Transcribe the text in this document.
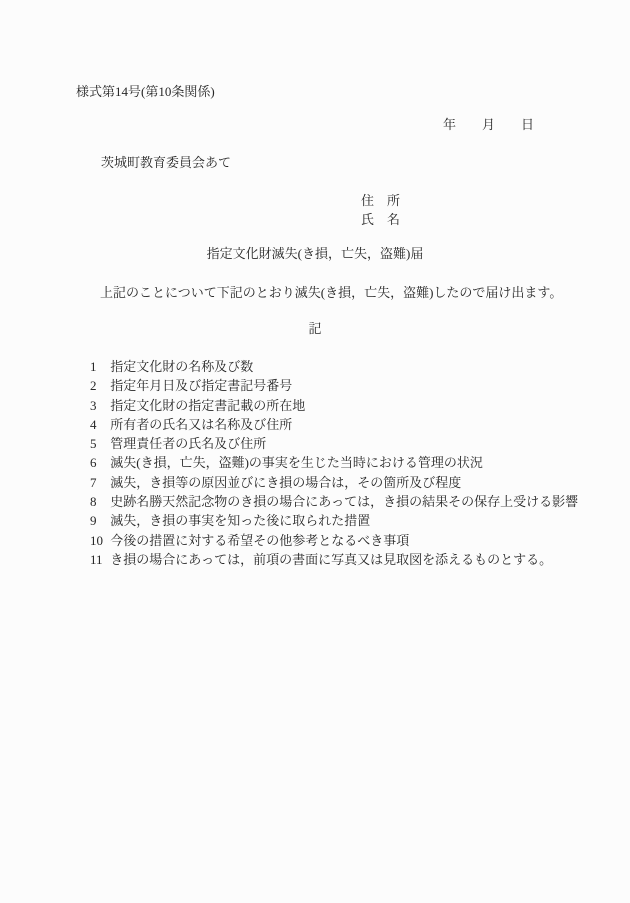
様式第14号(第10条関係)
年　　月　　日
茨城町教育委員会あて
住　所
氏　名
指定文化財滅失(き損，亡失，盗難)届
上記のことについて下記のとおり滅失(き損，亡失，盗難)したので届け出ます。
記
1 指定文化財の名称及び数
2 指定年月日及び指定書記号番号
3 指定文化財の指定書記載の所在地
4 所有者の氏名又は名称及び住所
5 管理責任者の氏名及び住所
6 滅失(き損，亡失，盗難)の事実を生じた当時における管理の状況
7 滅失，き損等の原因並びにき損の場合は，その箇所及び程度
8 史跡名勝天然記念物のき損の場合にあっては，き損の結果その保存上受ける影響
9 滅失，き損の事実を知った後に取られた措置
10 今後の措置に対する希望その他参考となるべき事項
11 き損の場合にあっては，前項の書面に写真又は見取図を添えるものとする。
